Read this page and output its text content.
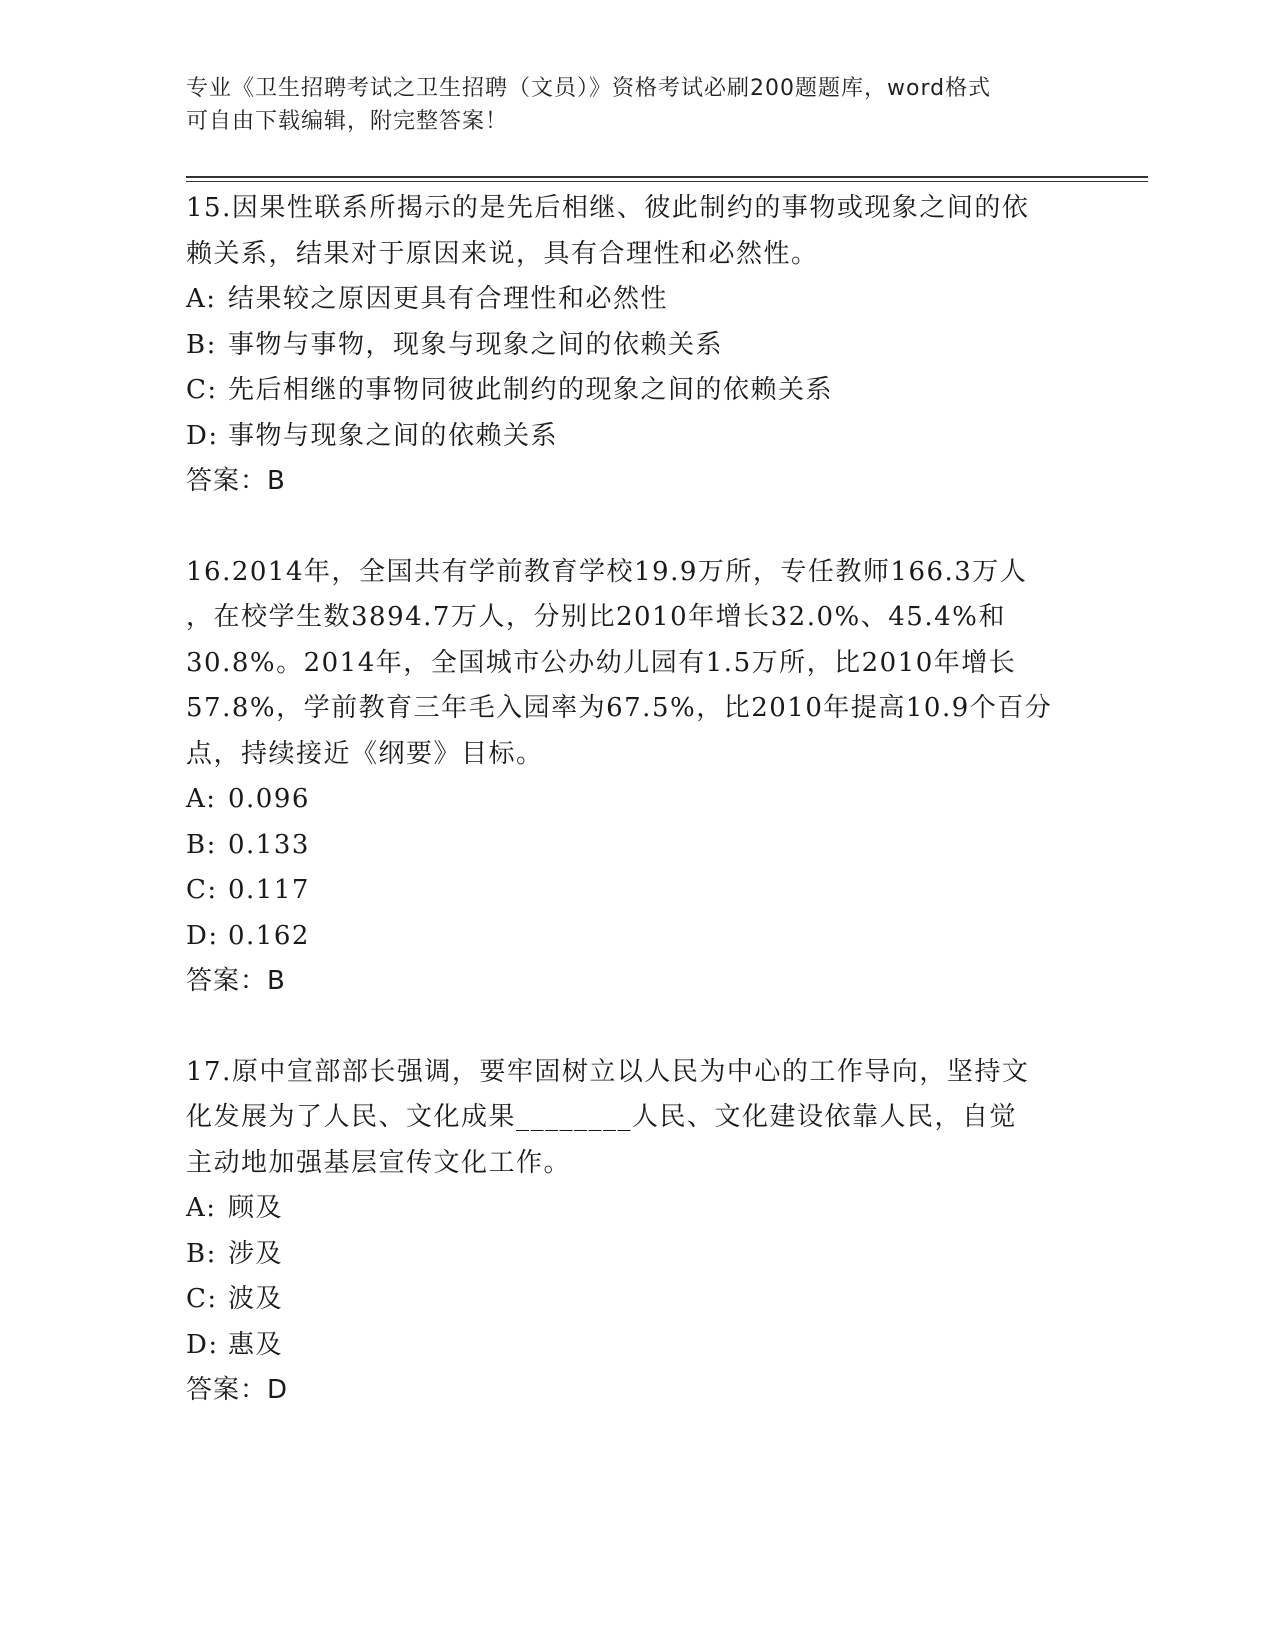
专业《卫生招聘考试之卫生招聘（文员）》资格考试必刷200题题库，word格式
可自由下载编辑，附完整答案！

15.因果性联系所揭示的是先后相继、彼此制约的事物或现象之间的依

赖关系，结果对于原因来说，具有合理性和必然性。

A: 结果较之原因更具有合理性和必然性

B: 事物与事物，现象与现象之间的依赖关系

C: 先后相继的事物同彼此制约的现象之间的依赖关系

D: 事物与现象之间的依赖关系

答案：B

16.2014年，全国共有学前教育学校19.9万所，专任教师166.3万人

，在校学生数3894.7万人，分别比2010年增长32.0%、45.4%和

30.8%。2014年，全国城市公办幼儿园有1.5万所，比2010年增长

57.8%，学前教育三年毛入园率为67.5%，比2010年提高10.9个百分

点，持续接近《纲要》目标。

A: 0.096

B: 0.133

C: 0.117

D: 0.162

答案：B

17.原中宣部部长强调，要牢固树立以人民为中心的工作导向，坚持文

化发展为了人民、文化成果________人民、文化建设依靠人民，自觉

主动地加强基层宣传文化工作。

A: 顾及

B: 涉及

C: 波及

D: 惠及

答案：D
